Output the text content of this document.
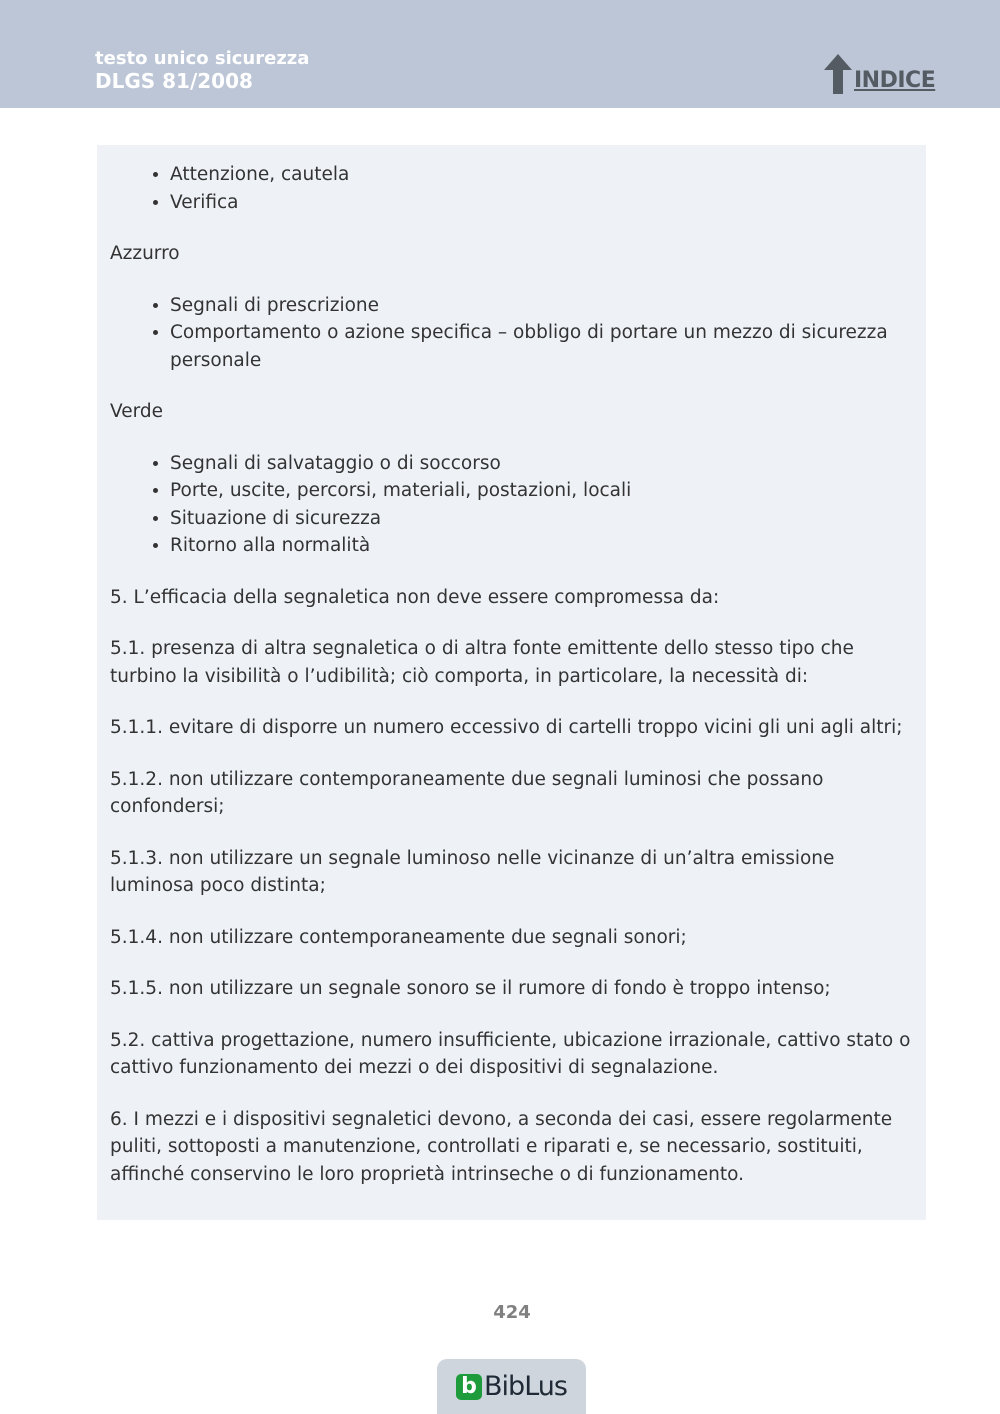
testo unico sicurezza
DLGS 81/2008	INDICE
• Attenzione, cautela
• Verifica

Azzurro

• Segnali di prescrizione
• Comportamento o azione specifica – obbligo di portare un mezzo di sicurezza personale

Verde

• Segnali di salvataggio o di soccorso
• Porte, uscite, percorsi, materiali, postazioni, locali
• Situazione di sicurezza
• Ritorno alla normalità

5. L’efficacia della segnaletica non deve essere compromessa da:

5.1. presenza di altra segnaletica o di altra fonte emittente dello stesso tipo che turbino la visibilità o l’udibilità; ciò comporta, in particolare, la necessità di:

5.1.1. evitare di disporre un numero eccessivo di cartelli troppo vicini gli uni agli altri;

5.1.2. non utilizzare contemporaneamente due segnali luminosi che possano confondersi;

5.1.3. non utilizzare un segnale luminoso nelle vicinanze di un’altra emissione luminosa poco distinta;

5.1.4. non utilizzare contemporaneamente due segnali sonori;

5.1.5. non utilizzare un segnale sonoro se il rumore di fondo è troppo intenso;

5.2. cattiva progettazione, numero insufficiente, ubicazione irrazionale, cattivo stato o cattivo funzionamento dei mezzi o dei dispositivi di segnalazione.

6. I mezzi e i dispositivi segnaletici devono, a seconda dei casi, essere regolarmente puliti, sottoposti a manutenzione, controllati e riparati e, se necessario, sostituiti, affinché conservino le loro proprietà intrinseche o di funzionamento.

424
b BibLus
